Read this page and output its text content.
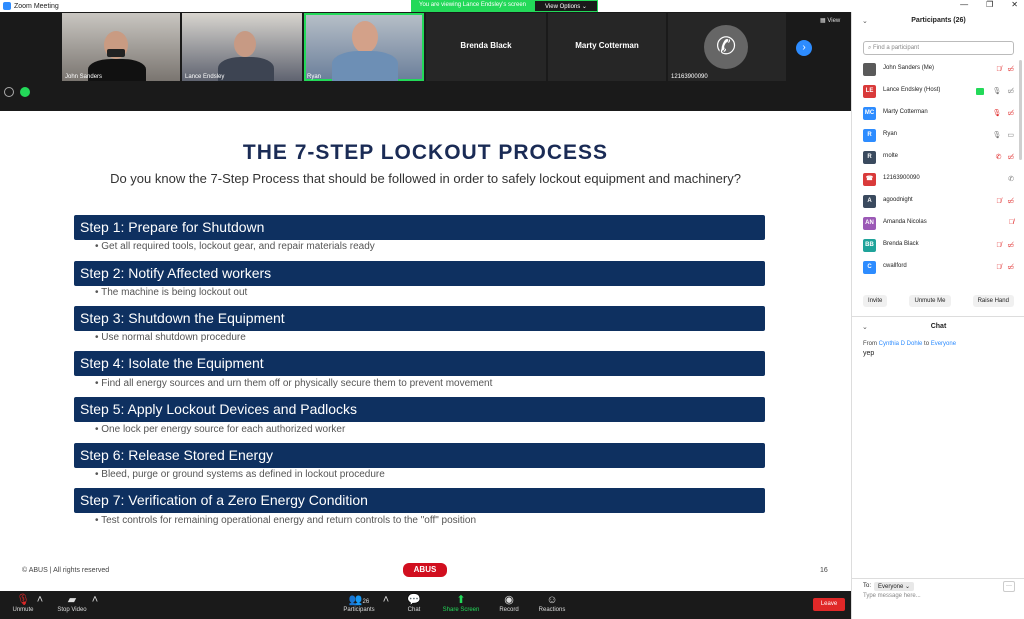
Zoom Meeting	— ❐ ✕
You are viewing Lance Endsley's screen	View Options ⌄
John Sanders	Lance Endsley	Ryan
Brenda Black	Marty Cotterman	✆
12163900090
›
▦ View
THE 7-STEP LOCKOUT PROCESS
Do you know the 7-Step Process that should be followed in order to safely lockout equipment and machinery?
Step 1: Prepare for Shutdown
• Get all required tools, lockout gear, and repair materials ready
Step 2: Notify Affected workers
• The machine is being lockout out
Step 3: Shutdown the Equipment
• Use normal shutdown procedure
Step 4: Isolate the Equipment
• Find all energy sources and urn them off or physically secure them to prevent movement
Step 5: Apply Lockout Devices and Padlocks
• One lock per energy source for each authorized worker
Step 6: Release Stored Energy
• Bleed, purge or ground systems as defined in lockout procedure
Step 7: Verification of a Zero Energy Condition
• Test controls for remaining operational energy and return controls to the "off" position
© ABUS | All rights reserved	ABUS	16
🎙
Unmute
˄	▰
Stop Video
˄	👥26
Participants
˄ 💬
Chat
⬆
Share Screen
◉
Record
☺
Reactions
Leave
⌄	Participants (26)
⌕ Find a participant
John Sanders (Me)	🎙̸ ▭̸
LE	Lance Endsley (Host)	🎙 ▭̸
MC	Marty Cotterman	🎙 ▭̸
R	Ryan	🎙 ▭
R	rnolte	✆ ▭̸
☎	12163900090	✆
A	agoodnight	🎙̸ ▭̸
AN	Amanda Nicolas	🎙̸
BB	Brenda Black	🎙̸ ▭̸
C	cwallford	🎙̸ ▭̸
Invite	Unmute Me	Raise Hand
⌄	Chat
From Cynthia D Dohle to Everyone
yep
To:	Everyone ⌄	···
Type message here...
